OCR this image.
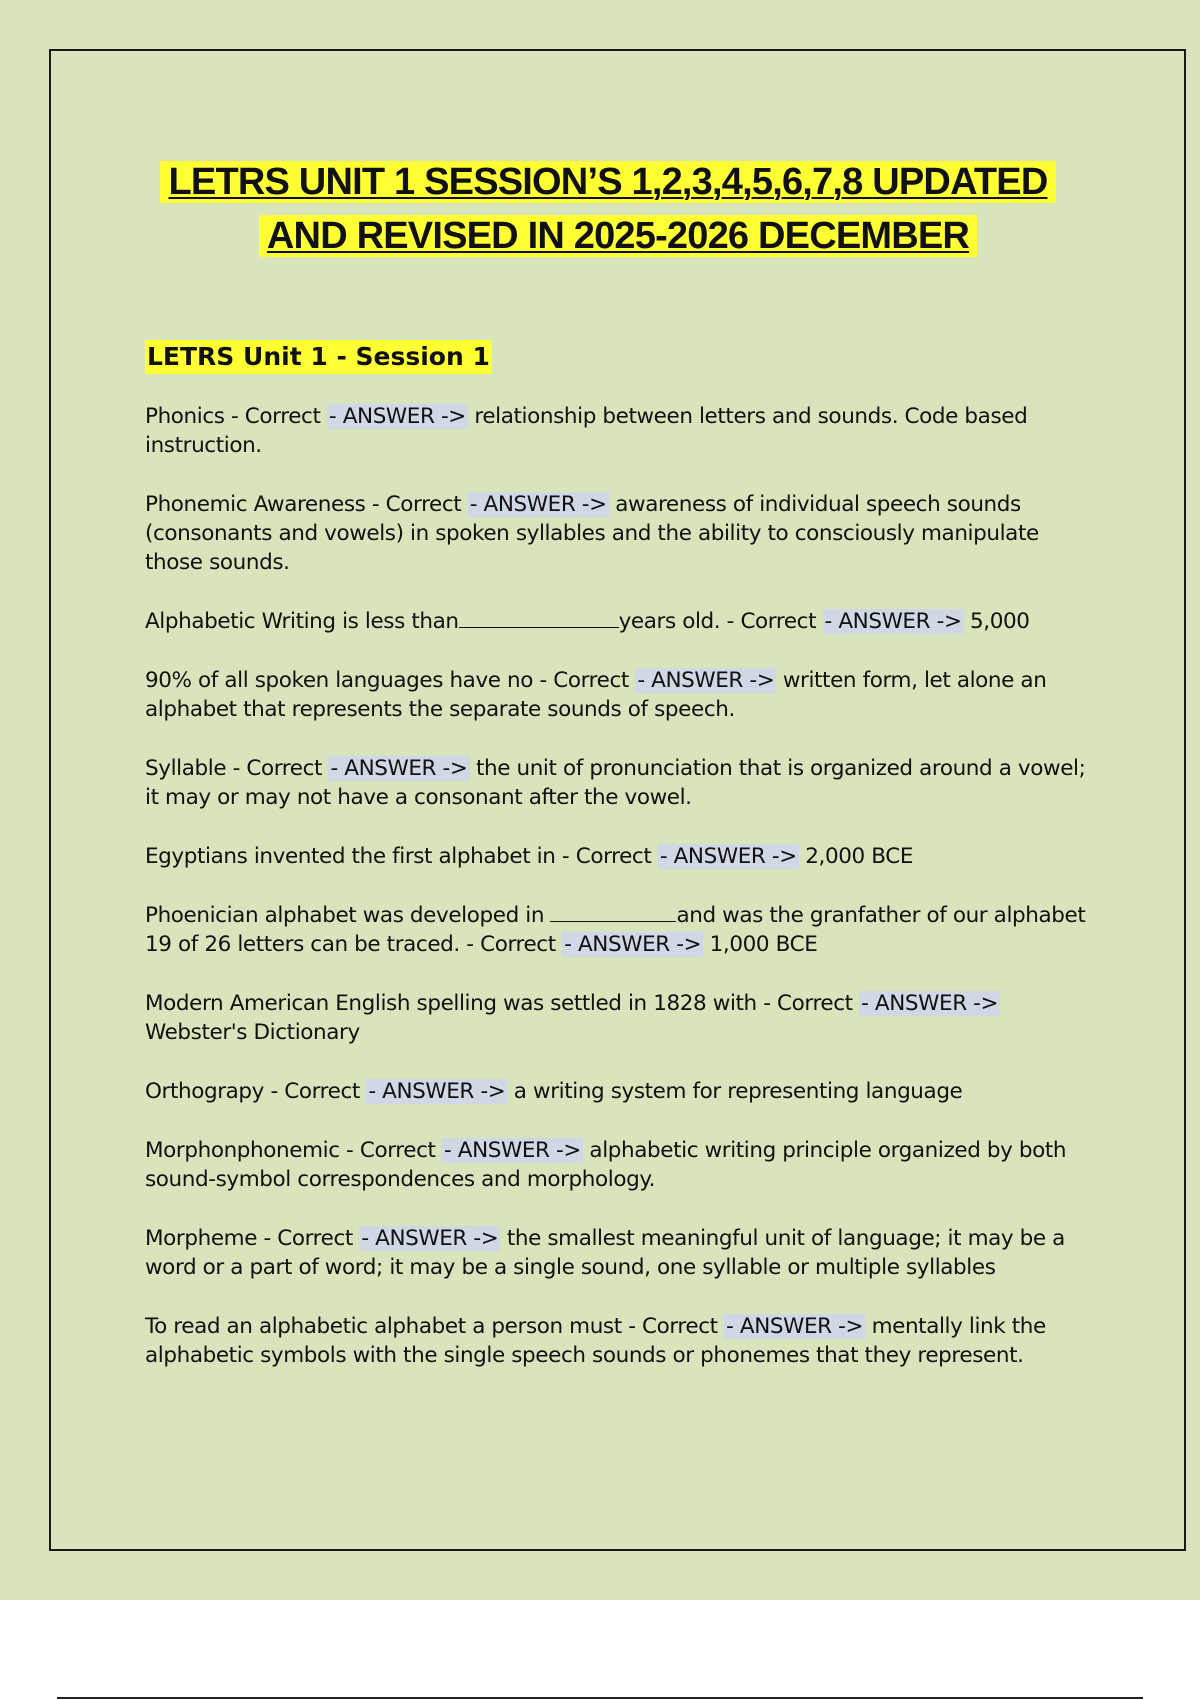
LETRS UNIT 1 SESSION’S 1,2,3,4,5,6,7,8 UPDATED
AND REVISED IN 2025-2026 DECEMBER
LETRS Unit 1 - Session 1
Phonics - Correct - ANSWER -> relationship between letters and sounds. Code based instruction.
Phonemic Awareness - Correct - ANSWER -> awareness of individual speech sounds (consonants and vowels) in spoken syllables and the ability to consciously manipulate those sounds.
Alphabetic Writing is less than	years old. - Correct - ANSWER -> 5,000
90% of all spoken languages have no - Correct - ANSWER -> written form, let alone an alphabet that represents the separate sounds of speech.
Syllable - Correct - ANSWER -> the unit of pronunciation that is organized around a vowel; it may or may not have a consonant after the vowel.
Egyptians invented the first alphabet in - Correct - ANSWER -> 2,000 BCE
Phoenician alphabet was developed in	and was the granfather of our alphabet 19 of 26 letters can be traced. - Correct - ANSWER -> 1,000 BCE
Modern American English spelling was settled in 1828 with - Correct - ANSWER -> Webster's Dictionary
Orthograpy - Correct - ANSWER -> a writing system for representing language
Morphonphonemic - Correct - ANSWER -> alphabetic writing principle organized by both sound-symbol correspondences and morphology.
Morpheme - Correct - ANSWER -> the smallest meaningful unit of language; it may be a word or a part of word; it may be a single sound, one syllable or multiple syllables
To read an alphabetic alphabet a person must - Correct - ANSWER -> mentally link the alphabetic symbols with the single speech sounds or phonemes that they represent.
